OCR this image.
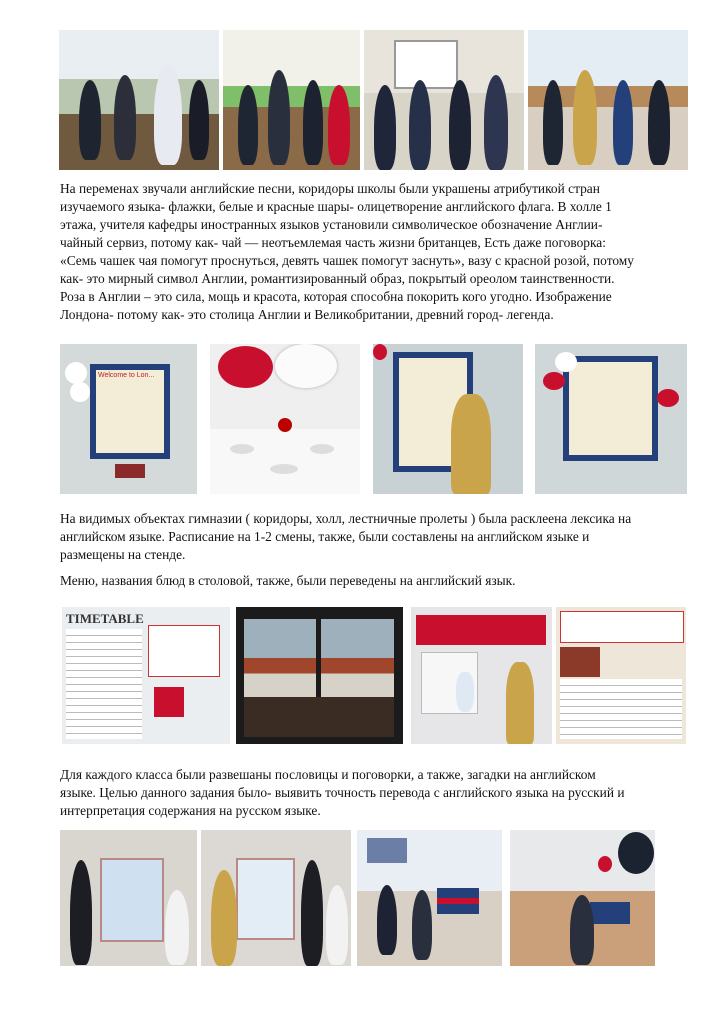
На переменах звучали английские песни, коридоры школы были украшены атрибутикой стран
изучаемого языка- флажки, белые и красные шары- олицетворение английского флага. В холле 1
этажа, учителя кафедры иностранных языков установили символическое обозначение Англии-
чайный сервиз, потому как- чай — неотъемлемая часть жизни британцев, Есть даже поговорка:
«Семь чашек чая помогут проснуться, девять чашек помогут заснуть», вазу с красной розой, потому
как- это мирный символ Англии, романтизированный образ, покрытый ореолом таинственности.
Роза в Англии – это сила, мощь и красота, которая способна покорить кого угодно. Изображение
Лондона- потому как- это столица Англии и Великобритании, древний город- легенда.

Welcome to Lon...

На видимых объектах гимназии ( коридоры, холл, лестничные пролеты ) была расклеена лексика на
английском языке. Расписание на 1-2 смены, также, были составлены на английском языке и
размещены на стенде.

Меню, названия блюд в столовой, также, были переведены на английский язык.

TIMETABLE

Для каждого класса были развешаны пословицы и поговорки, а также, загадки на английском
языке. Целью данного задания было- выявить точность перевода с английского языка на русский и
интерпретация содержания на русском языке.
